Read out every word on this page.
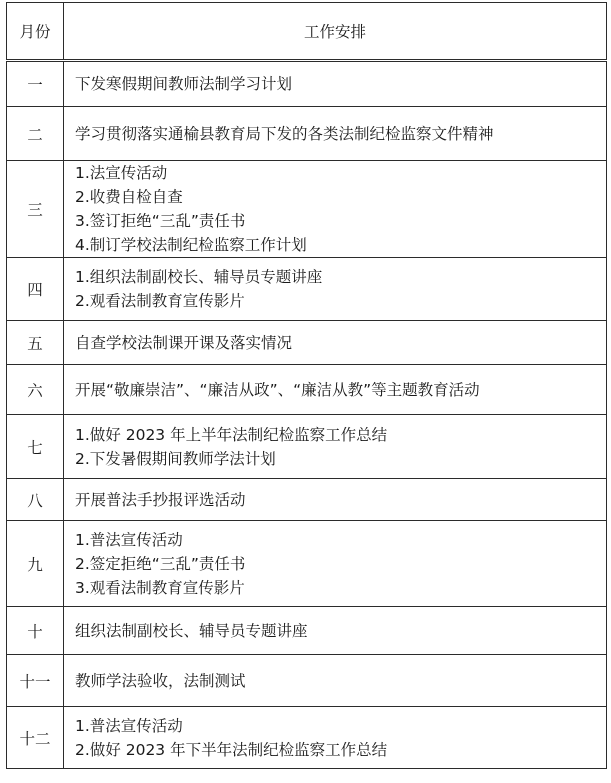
月份	工作安排
一	下发寒假期间教师法制学习计划

二	学习贯彻落实通榆县教育局下发的各类法制纪检监察文件精神

三	1.法宣传活动
2.收费自检自查
3.签订拒绝“三乱”责任书
4.制订学校法制纪检监察工作计划

四	1.组织法制副校长、辅导员专题讲座
2.观看法制教育宣传影片

五	自查学校法制课开课及落实情况

六	开展“敬廉崇洁”、“廉洁从政”、“廉洁从教”等主题教育活动

七	1.做好 2023 年上半年法制纪检监察工作总结
2.下发暑假期间教师学法计划

八	开展普法手抄报评选活动

九	1.普法宣传活动
2.签定拒绝“三乱”责任书
3.观看法制教育宣传影片

十	组织法制副校长、辅导员专题讲座

十一	教师学法验收，法制测试

十二	1.普法宣传活动
2.做好 2023 年下半年法制纪检监察工作总结
